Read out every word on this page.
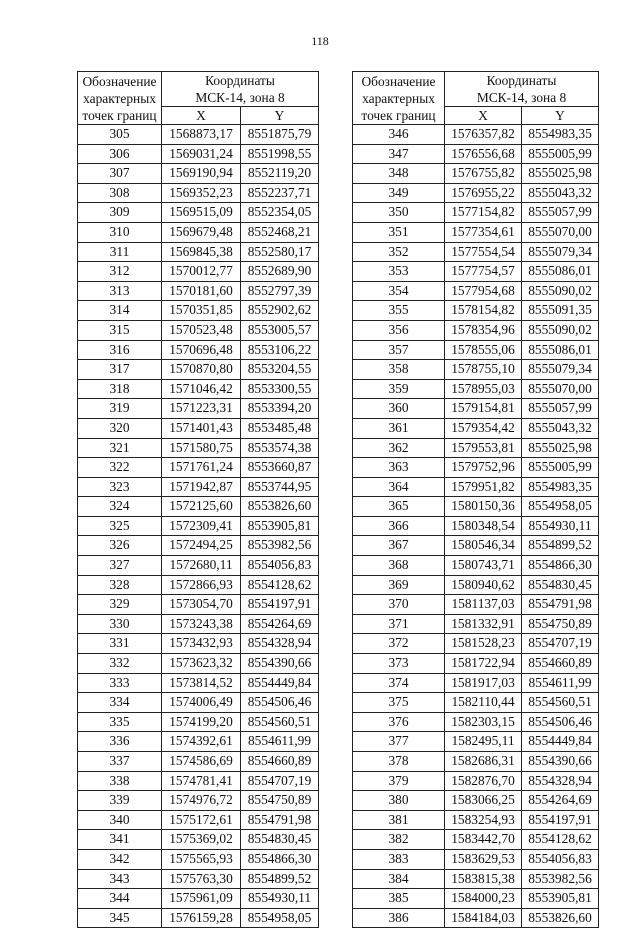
118
Обозначение
характерных
точек границ	Координаты	

	МСК-14, зона 8	
	X	Y
305	1568873,17	8551875,79
306	1569031,24	8551998,55
307	1569190,94	8552119,20
308	1569352,23	8552237,71
309	1569515,09	8552354,05
310	1569679,48	8552468,21
311	1569845,38	8552580,17
312	1570012,77	8552689,90
313	1570181,60	8552797,39
314	1570351,85	8552902,62
315	1570523,48	8553005,57
316	1570696,48	8553106,22
317	1570870,80	8553204,55
318	1571046,42	8553300,55
319	1571223,31	8553394,20
320	1571401,43	8553485,48
321	1571580,75	8553574,38
322	1571761,24	8553660,87
323	1571942,87	8553744,95
324	1572125,60	8553826,60
325	1572309,41	8553905,81
326	1572494,25	8553982,56
327	1572680,11	8554056,83
328	1572866,93	8554128,62
329	1573054,70	8554197,91
330	1573243,38	8554264,69
331	1573432,93	8554328,94
332	1573623,32	8554390,66
333	1573814,52	8554449,84
334	1574006,49	8554506,46
335	1574199,20	8554560,51
336	1574392,61	8554611,99
337	1574586,69	8554660,89
338	1574781,41	8554707,19
339	1574976,72	8554750,89
340	1575172,61	8554791,98
341	1575369,02	8554830,45
342	1575565,93	8554866,30
343	1575763,30	8554899,52
344	1575961,09	8554930,11
345	1576159,28	8554958,05
Обозначение
характерных
точек границ	Координаты	

	МСК-14, зона 8	
	X	Y
346	1576357,82	8554983,35
347	1576556,68	8555005,99
348	1576755,82	8555025,98
349	1576955,22	8555043,32
350	1577154,82	8555057,99
351	1577354,61	8555070,00
352	1577554,54	8555079,34
353	1577754,57	8555086,01
354	1577954,68	8555090,02
355	1578154,82	8555091,35
356	1578354,96	8555090,02
357	1578555,06	8555086,01
358	1578755,10	8555079,34
359	1578955,03	8555070,00
360	1579154,81	8555057,99
361	1579354,42	8555043,32
362	1579553,81	8555025,98
363	1579752,96	8555005,99
364	1579951,82	8554983,35
365	1580150,36	8554958,05
366	1580348,54	8554930,11
367	1580546,34	8554899,52
368	1580743,71	8554866,30
369	1580940,62	8554830,45
370	1581137,03	8554791,98
371	1581332,91	8554750,89
372	1581528,23	8554707,19
373	1581722,94	8554660,89
374	1581917,03	8554611,99
375	1582110,44	8554560,51
376	1582303,15	8554506,46
377	1582495,11	8554449,84
378	1582686,31	8554390,66
379	1582876,70	8554328,94
380	1583066,25	8554264,69
381	1583254,93	8554197,91
382	1583442,70	8554128,62
383	1583629,53	8554056,83
384	1583815,38	8553982,56
385	1584000,23	8553905,81
386	1584184,03	8553826,60
